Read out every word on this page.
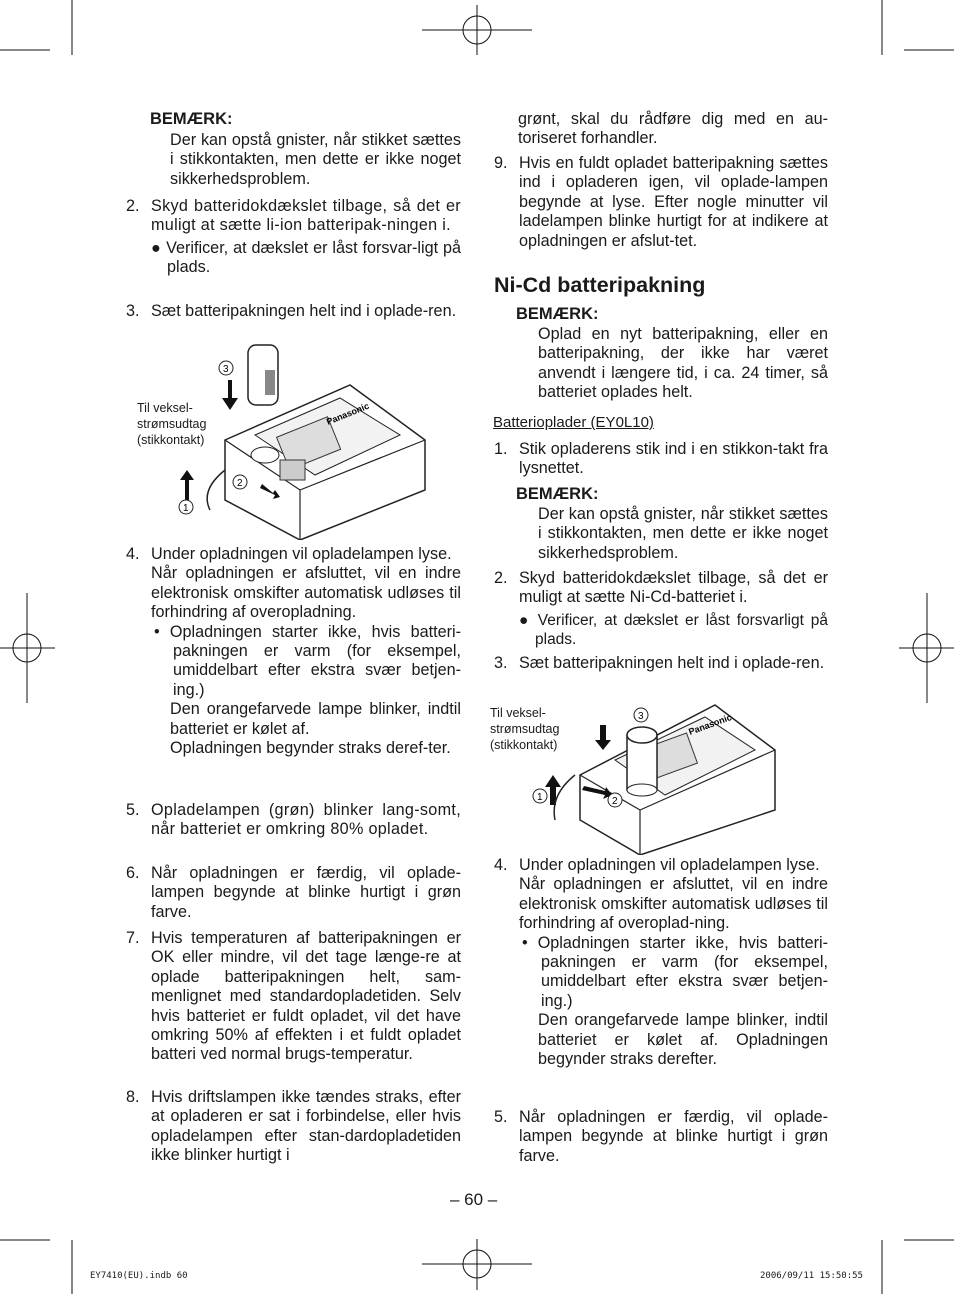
BEMÆRK:
Der kan opstå gnister, når stikket sættes i stikkontakten, men dette er ikke noget sikkerhedsproblem.
2. Skyd batteridokdækslet tilbage, så det er muligt at sætte li-ion batteripak-ningen i.
● Verificer, at dækslet er låst forsvar-ligt på plads.
3. Sæt batteripakningen helt ind i oplade-ren.
Til veksel-strømsudtag (stikkontakt)
Panasonic
3
2
1
4. Under opladningen vil opladelampen lyse.
Når opladningen er afsluttet, vil en indre elektronisk omskifter automatisk udløses til forhindring af overopladning.
• Opladningen starter ikke, hvis batteri-pakningen er varm (for eksempel, umiddelbart efter ekstra svær betjen-ing.)
Den orangefarvede lampe blinker, indtil batteriet er kølet af.
Opladningen begynder straks deref-ter.
5. Opladelampen (grøn) blinker lang-somt, når batteriet er omkring 80% opladet.
6. Når opladningen er færdig, vil oplade-lampen begynde at blinke hurtigt i grøn farve.
7. Hvis temperaturen af batteripakningen er OK eller mindre, vil det tage længe-re at oplade batteripakningen helt, sam-menlignet med standardopladetiden. Selv hvis batteriet er fuldt opladet, vil det have omkring 50% af effekten i et fuldt opladet batteri ved normal brugs-temperatur.
8. Hvis driftslampen ikke tændes straks, efter at opladeren er sat i forbindelse, eller hvis opladelampen efter stan-dardopladetiden ikke blinker hurtigt i
grønt, skal du rådføre dig med en au-toriseret forhandler.
9. Hvis en fuldt opladet batteripakning sættes ind i opladeren igen, vil oplade-lampen begynde at lyse. Efter nogle minutter vil ladelampen blinke hurtigt for at indikere at opladningen er afslut-tet.
Ni-Cd batteripakning
BEMÆRK:
Oplad en nyt batteripakning, eller en batteripakning, der ikke har været anvendt i længere tid, i ca. 24 timer, så batteriet oplades helt.
Batterioplader (EY0L10)
1. Stik opladerens stik ind i en stikkon-takt fra lysnettet.
BEMÆRK:
Der kan opstå gnister, når stikket sættes i stikkontakten, men dette er ikke noget sikkerhedsproblem.
2. Skyd batteridokdækslet tilbage, så det er muligt at sætte Ni-Cd-batteriet i.
● Verificer, at dækslet er låst forsvarligt på plads.
3. Sæt batteripakningen helt ind i oplade-ren.
Til veksel-strømsudtag (stikkontakt)
Panasonic
3
2
1
4. Under opladningen vil opladelampen lyse.
Når opladningen er afsluttet, vil en indre elektronisk omskifter automatisk udløses til forhindring af overoplad-ning.
• Opladningen starter ikke, hvis batteri-pakningen er varm (for eksempel, umiddelbart efter ekstra svær betjen-ing.)
Den orangefarvede lampe blinker, indtil batteriet er kølet af. Opladningen begynder straks derefter.
5. Når opladningen er færdig, vil oplade-lampen begynde at blinke hurtigt i grøn farve.
– 60 –
EY7410(EU).indb 60	2006/09/11 15:50:55
